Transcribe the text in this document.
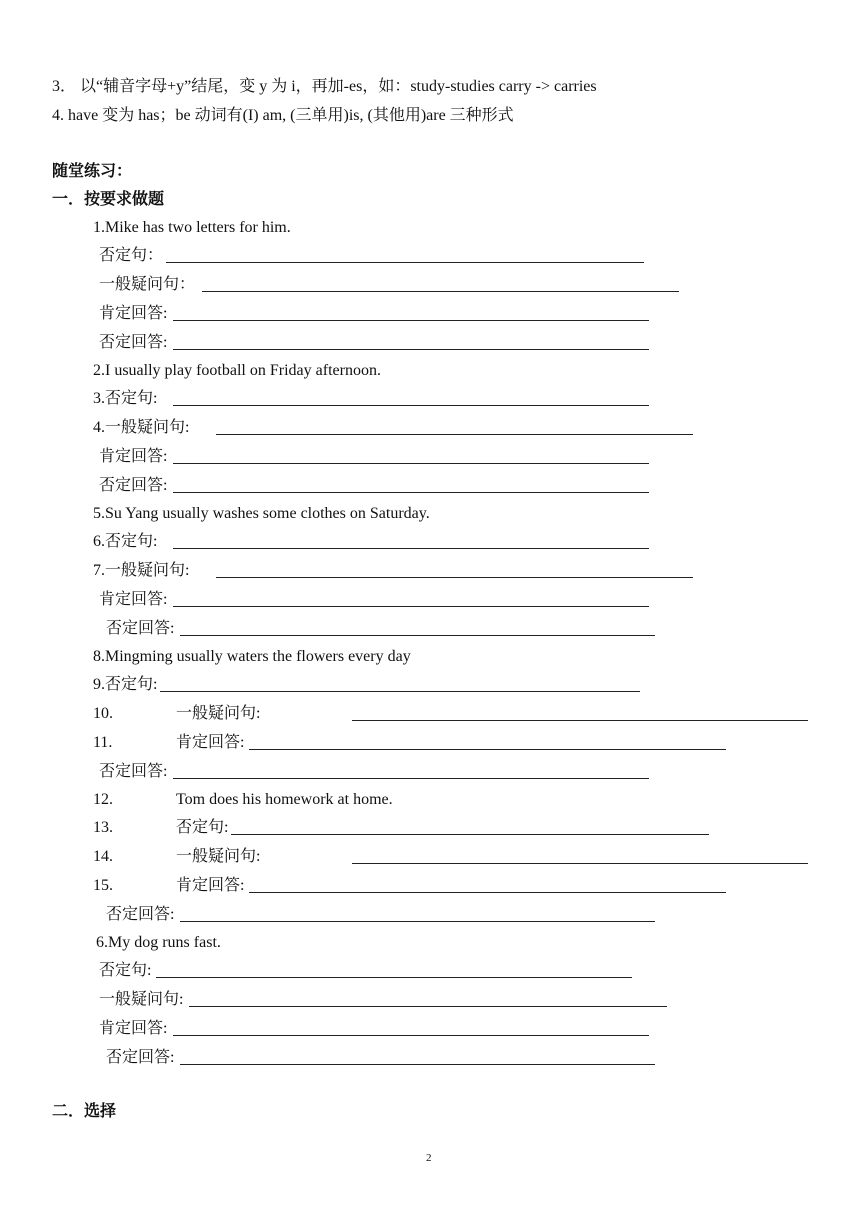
3． 以“辅音字母+y”结尾，变 y 为 i，再加-es，如：study-studies carry -> carries
4. have 变为 has；be 动词有(I) am, (三单用)is, (其他用)are 三种形式
随堂练习：
一．按要求做题
1.Mike has two letters for him.
否定句：
一般疑问句：
肯定回答:
否定回答:
2.I usually play football on Friday afternoon.
3.否定句:
4.一般疑问句:
肯定回答:
否定回答:
5.Su Yang usually washes some clothes on Saturday.
6.否定句:
7.一般疑问句:
肯定回答:
否定回答:
8.Mingming usually waters the flowers every day
9.否定句:
10.	一般疑问句:
11.	肯定回答:
否定回答:
12.	Tom does his homework at home.
13.	否定句:
14.	一般疑问句:
15.	肯定回答:
否定回答:
6.My dog runs fast.
否定句:
一般疑问句:
肯定回答:
否定回答:
二．选择
2
